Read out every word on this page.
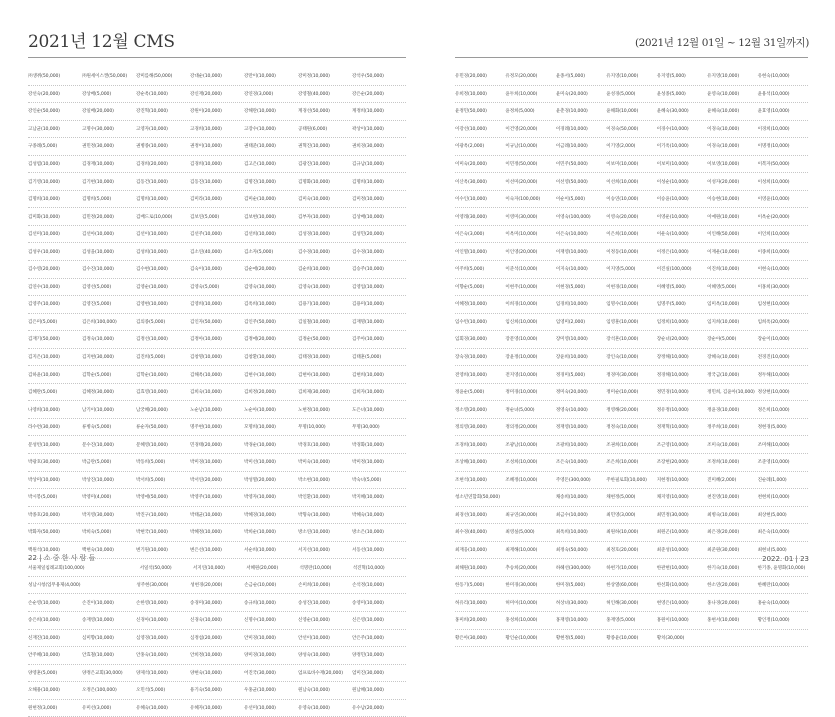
2021년 12월 CMS	(2021년 12월 01일 ~ 12월 31일까지)
㈜생쥐(50,000)	㈜원세이스캔(50,000)	강미를해(50,000)	강대순(10,000)	강만이(10,000)	강미정(10,000)	강석우(50,000)
강선숙(20,000)	강상배(5,000)	강순옥(10,000)	강신재(20,000)	강연경(3,000)	강영철(40,000)	강은순(20,000)
강인순(50,000)	강일배(20,000)	강진혁(10,000)	강원이(20,000)	강해란(10,000)	계경선(50,000)	계정희(10,000)
고남균(10,000)	고명수(30,000)	고영자(10,000)	고경희(10,000)	고장수(10,000)	공태원(6,000)	곽상이(10,000)
구종례(5,000)	권민정(30,000)	권병종(10,000)	권정이(10,000)	권태준(10,000)	권혁진(10,000)	권희경(30,000)
김성엽(10,000)	김경재(10,000)	김경희(20,000)	김경희(10,000)	김고은(10,000)	김광진(10,000)	김규남(10,000)
김기영(10,000)	김기현(10,000)	김동건(10,000)	김동진(10,000)	김명진(10,000)	김명화(10,000)	김명희(10,000)
김명희(10,000)	김명희(5,000)	김명희(10,000)	김미라(10,000)	김미순(10,000)	김미숙(10,000)	김미정(10,000)
김미화(10,000)	김민정(20,000)	김배드로(10,000)	김보연(5,000)	김보현(10,000)	김부자(10,000)	김상배(10,000)
김선미(10,000)	김선아(10,000)	김선이(10,000)	김선주(10,000)	김선희(10,000)	김성경(10,000)	김성민(20,000)
김성우(10,000)	김성을(10,000)	김성희(10,000)	김소연(40,000)	김소자(5,000)	김수경(10,000)	김수경(10,000)
김수영(20,000)	김수진(10,000)	김수현(10,000)	김숙이(10,000)	김순애(20,000)	김순희(10,000)	김승주(10,000)
김연수(10,000)	김영선(5,000)	김영순(10,000)	김영숙(5,000)	김영숙(10,000)	김영숙(10,000)	김영업(10,000)
김영주(10,000)	김영진(5,000)	김영현(10,000)	김영희(10,000)	김옥희(10,000)	김용기(10,000)	김용미(10,000)
김은미(5,000)	김은희(100,000)	김의종(5,000)	김인자(50,000)	김인주(50,000)	김일철(10,000)	김재명(10,000)
김재기(50,000)	김정숙(10,000)	김정선(10,000)	김정아(10,000)	김정애(20,000)	김정순(50,000)	김주아(10,000)
김지은(10,000)	김지현(30,000)	김진희(5,000)	김창명(10,000)	김창환(10,000)	김태경(10,000)	김태훈(5,000)
김하윤(10,000)	김학순(5,000)	김학순(10,000)	김해옥(10,000)	김현수(10,000)	김현아(10,000)	김현희(10,000)
김혜란(5,000)	김혜정(30,000)	김효영(10,000)	김희숙(10,000)	김희정(20,000)	김희제(30,000)	김희자(10,000)
나영희(10,000)	남기이(10,000)	남궁혜(20,000)	노순남(10,000)	노순아(10,000)	노현정(10,000)	도은녀(10,000)
라수련(30,000)	류병숙(5,000)	류순자(50,000)	명주현(10,000)	모명희(10,000)	무명(10,000)	무명(30,000)
문성빈(10,000)	문수진(10,000)	문혜영(10,000)	민경태(20,000)	박경순(10,000)	박경호(10,000)	박경화(10,000)
박광호(30,000)	박금란(5,000)	박동희(5,000)	박미경(10,000)	박미선(10,000)	박미숙(10,000)	박미정(10,000)
박상미(10,000)	박상진(10,000)	박서희(5,000)	박서연(20,000)	박성열(20,000)	박소현(10,000)	박숙녀(5,000)
박시봉(5,000)	박영미(4,000)	박영애(50,000)	박영주(10,000)	박영자(10,000)	박인환(10,000)	박지혜(10,000)
박종호(20,000)	박지영(30,000)	박진구(10,000)	박태균(10,000)	박혜경(10,000)	박형숙(10,000)	박혜숙(10,000)
박화자(50,000)	박희숙(5,000)	박현국(10,000)	박혜정(10,000)	박희순(10,000)	방소연(10,000)	방소은(10,000)
백원석(10,000)	백현숙(10,000)	변기원(10,000)	변은선(10,000)	서순희(10,000)	서지선(10,000)	서동선(10,000)
서울제일침례교회(100,000)	서일석(50,000)	서지연(10,000)	서혜원(20,000)	석명란(10,000)	석진혁(10,000)
성남시청(업무용제(4,000)	성주현(30,000)	성현경(20,000)	손금순(10,000)	손미희(10,000)	손석정(10,000)
손순영(10,000)	손진이(10,000)	손한영(10,000)	송경미(30,000)	송규희(10,000)	송성진(10,000)	송영미(10,000)
송은희(10,000)	송재영(10,000)	신경아(10,000)	신경숙(10,000)	신명수(10,000)	신영순(10,000)	신은영(10,000)
신재진(10,000)	심미향(10,000)	심영경(10,000)	심정섭(20,000)	안미경(10,000)	안선이(10,000)	안은주(10,000)
안주혜(10,000)	안효철(10,000)	안홍숙(10,000)	안희정(10,000)	양미경(10,000)	양성숙(10,000)	양정민(10,000)
양영훈(5,000)	양정은교회(30,000)	양제석(10,000)	양현숙(10,000)	어진국(30,000)	엄프로바수재(20,000)	엄미진(30,000)
오해용(10,000)	오정은(100,000)	오민석(5,000)	용기숙(50,000)	우홍균(10,000)	원남숙(10,000)	원남혜(10,000)
원현정(3,000)	유미선(3,000)	유혜숙(10,000)	유혜자(10,000)	유선미(10,000)	유영숙(10,000)	유수남(20,000)
유민경(20,000)	유정모(20,000)	윤종서(5,000)	유지영(10,000)	유지영(5,000)	유지영(10,000)	유현숙(10,000)
유희정(10,000)	윤두희(10,000)	윤미숙(20,000)	윤성경(5,000)	윤성종(5,000)	윤영숙(10,000)	윤용석(10,000)
윤정민(50,000)	윤정희(5,000)	윤춘경(10,000)	윤해화(10,000)	윤혜숙(30,000)	윤혜숙(10,000)	윤효영(10,000)
이강선(10,000)	이건영(20,000)	이경례(10,000)	이경숙(50,000)	이경수(10,000)	이경숙(10,000)	이경희(10,000)
이광옥(2,000)	이규남(10,000)	이금례(10,000)	이기영(2,000)	이기옥(10,000)	이경숙(10,000)	이명정(10,000)
이미숙(20,000)	이민정(50,000)	이민주(50,000)	이보미(10,000)	이보미(10,000)	이보영(10,000)	이복자(50,000)
이산옥(30,000)	이선미(20,000)	이선영(50,000)	이선희(10,000)	이성순(10,000)	이성자(20,000)	이성희(10,000)
이수인(10,000)	이숙자(100,000)	이순이(5,000)	이승연(10,000)	이승윤(10,000)	이승현(10,000)	이영윤(10,000)
이영래(30,000)	이영미(30,000)	이영숙(100,000)	이영숙(20,000)	이영운(10,000)	이예원(10,000)	이옥순(20,000)
이은숙(3,000)	이옥미(10,000)	이은숙(10,000)	이은희(10,000)	이운숙(10,000)	이인해(50,000)	이인희(10,000)
이인열(10,000)	이인영(20,000)	이재영(10,000)	이정동(10,000)	이정은(10,000)	이재운(10,000)	이종희(10,000)
이주희(5,000)	이준석(10,000)	이지숙(10,000)	이지영(5,000)	이진실(100,000)	이진희(10,000)	이현숙(10,000)
이향순(5,000)	이현주(10,000)	이현경(5,000)	이현경(10,000)	이혜영(5,000)	이혜영(5,000)	이홍희(30,000)
이혜정(10,000)	이희경(10,000)	임경희(10,000)	임명수(10,000)	임명주(5,000)	임미옥(10,000)	임성현(10,000)
임수빈(10,000)	임신희(10,000)	임영미(2,000)	임영훈(10,000)	임정희(10,000)	임지희(10,000)	임희옥(20,000)
임회경(30,000)	장문영(10,000)	장미영(10,000)	장석흔(10,000)	장순녀(20,000)	장순아(5,000)	장순이(10,000)
장숙경(10,000)	장윤정(10,000)	장윤희(10,000)	장인숙(10,000)	장정해(10,000)	장혜숙(10,000)	전경진(10,000)
전영희(10,000)	전지영(10,000)	정경미(5,000)	정경미(30,000)	정경해(10,000)	정국금(10,000)	정두해(10,000)
정윤순(5,000)	정미경(10,000)	정미숙(20,000)	정미순(10,000)	정민경(10,000)	정민희, 김윤아(10,000) 정상현(10,000)
정소영(20,000)	정순녀(5,000)	정영숙(10,000)	정영해(20,000)	정유정(10,000)	정윤경(10,000)	정은희(10,000)
정의영(30,000)	정의정(20,000)	정재영(10,000)	정정숙(10,000)	정재혁(10,000)	정주희(10,000)	정현경(5,000)
조경희(10,000)	조광남(10,000)	조광희(10,000)	조권희(10,000)	조근영(10,000)	조미숙(10,000)	조미해(10,000)
조상혜(10,000)	조성희(10,000)	조은숙(10,000)	조은희(10,000)	조장현(20,000)	조정희(10,000)	조준영(10,000)
조현석(10,000)	조혜정(10,000)	주영돈(300,000)	주한필로회(10,000)	지현정(10,000)	진미혜(2,000)	진순례(1,000)
청소년연합회(50,000)	채송희(10,000)	채현정(5,000)	채지영(10,000)	천진영(10,000)	천현희(10,000)
최경선(10,000)	최규연(30,000)	최금수(10,000)	최민영(3,000)	최민정(30,000)	최병숙(10,000)	최상현(5,000)
최수경(40,000)	최영실(5,000)	최옥희(10,000)	최원하(10,000)	최원곤(10,000)	최은경(20,000)	최은숙(10,000)
최재웅(10,000)	최재해(10,000)	최정숙(50,000)	최정호(20,000)	최준성(10,000)	최준원(30,000)	최현녀(5,000)
최해원(10,000)	추승희(20,000)	하헤선(300,000)	하현기(10,000)	한관현(10,000)	한기숙(10,000)	한기종, 윤명화(10,000)
한동기(5,000)	한미경(30,000)	한미경(5,000)	한상열(60,000)	한선화(10,000)	한소연(20,000)	한혜란(10,000)
허유리(10,000)	허미이(10,000)	허상녀(30,000)	허인해(30,000)	현영은(10,000)	홍나경(20,000)	홍순숙(10,000)
홍미희(20,000)	홍성희(10,000)	홍재영(10,000)	홍재영(5,000)	홍원이(10,000)	홍현서(10,000)	황인정(10,000)
황은아(30,000)	황인순(10,000)	황현정(5,000)	황종윤(10,000)	황치(30,000)
22 | 소 중 한 사 람 들	2022. 01 | 23
